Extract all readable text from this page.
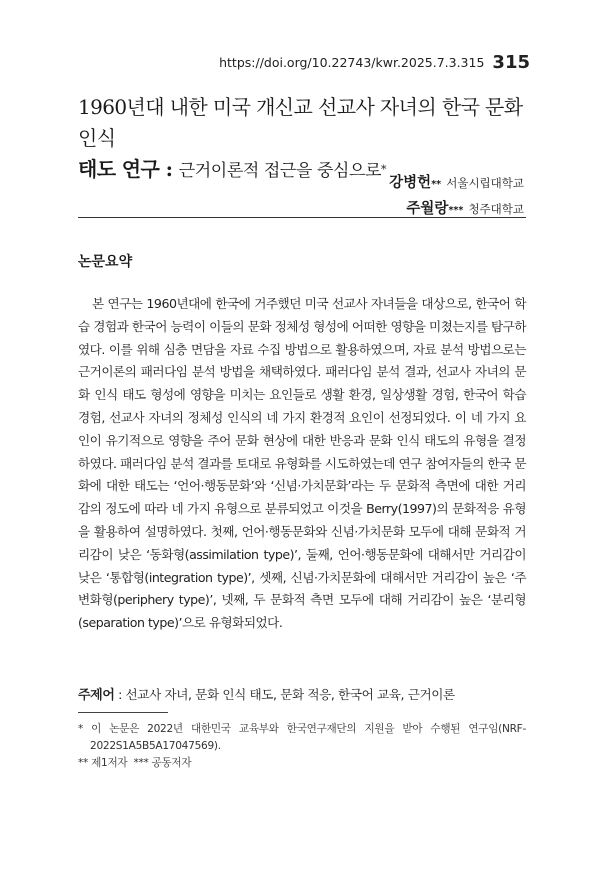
https://doi.org/10.22743/kwr.2025.7.3.315 315
1960년대 내한 미국 개신교 선교사 자녀의 한국 문화 인식
태도 연구 : 근거이론적 접근을 중심으로*
강병헌** 서울시립대학교
주월랑*** 청주대학교
논문요약
본 연구는 1960년대에 한국에 거주했던 미국 선교사 자녀들을 대상으로, 한국어 학습 경험과 한국어 능력이 이들의 문화 정체성 형성에 어떠한 영향을 미쳤는지를 탐구하였다. 이를 위해 심층 면담을 자료 수집 방법으로 활용하였으며, 자료 분석 방법으로는 근거이론의 패러다임 분석 방법을 채택하였다. 패러다임 분석 결과, 선교사 자녀의 문화 인식 태도 형성에 영향을 미치는 요인들로 생활 환경, 일상생활 경험, 한국어 학습 경험, 선교사 자녀의 정체성 인식의 네 가지 환경적 요인이 선정되었다. 이 네 가지 요인이 유기적으로 영향을 주어 문화 현상에 대한 반응과 문화 인식 태도의 유형을 결정하였다. 패러다임 분석 결과를 토대로 유형화를 시도하였는데 연구 참여자들의 한국 문화에 대한 태도는 ‘언어·행동문화’와 ‘신념·가치문화’라는 두 문화적 측면에 대한 거리감의 정도에 따라 네 가지 유형으로 분류되었고 이것을 Berry(1997)의 문화적응 유형을 활용하여 설명하였다. 첫째, 언어·행동문화와 신념·가치문화 모두에 대해 문화적 거리감이 낮은 ‘동화형(assimilation type)’, 둘째, 언어·행동문화에 대해서만 거리감이 낮은 ‘통합형(integration type)’, 셋째, 신념·가치문화에 대해서만 거리감이 높은 ‘주변화형(periphery type)’, 넷째, 두 문화적 측면 모두에 대해 거리감이 높은 ‘분리형(separation type)’으로 유형화되었다.
주제어 : 선교사 자녀, 문화 인식 태도, 문화 적응, 한국어 교육, 근거이론
* 이 논문은 2022년 대한민국 교육부와 한국연구재단의 지원을 받아 수행된 연구임(NRF-2022S1A5B5A17047569).
** 제1저자 *** 공동저자
